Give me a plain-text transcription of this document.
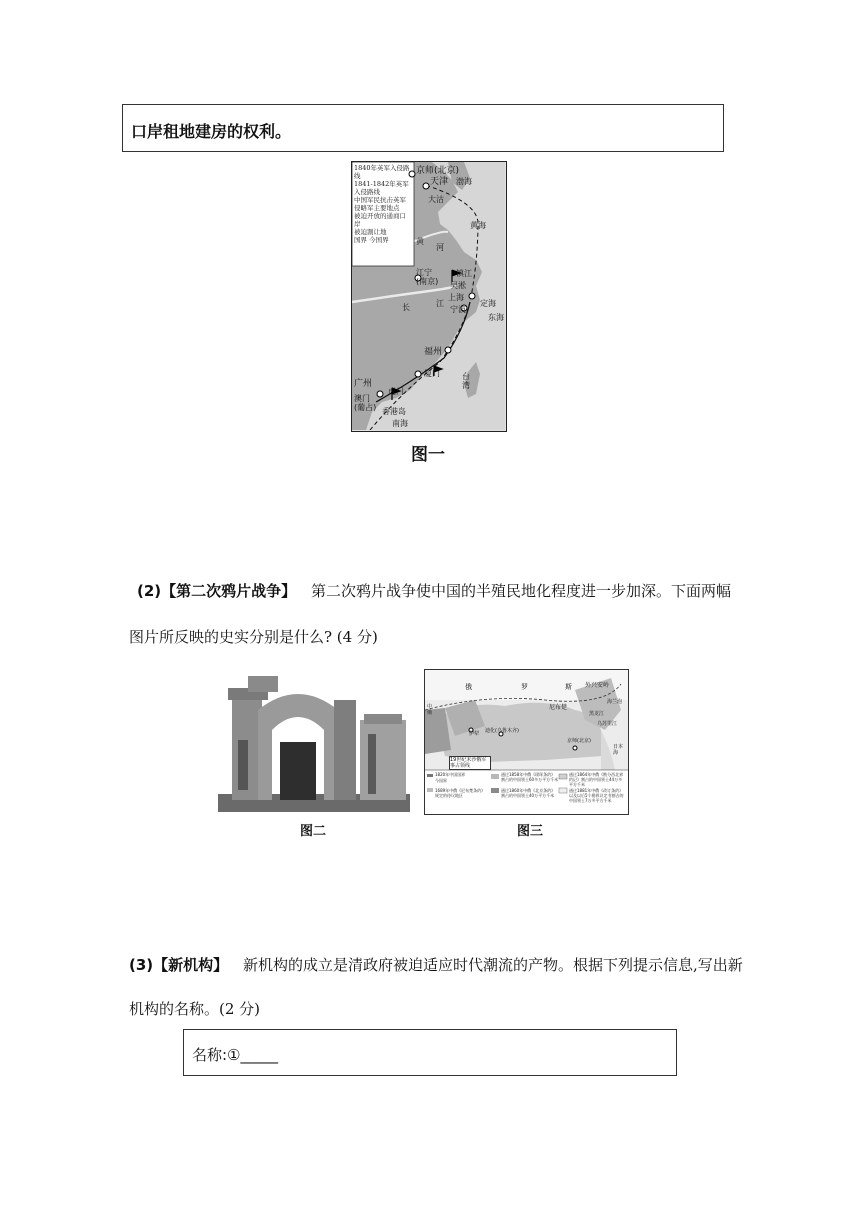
口岸租地建房的权利。
1840年英军入侵路线
1841-1842年英军入侵路线
中国军民抗击英军侵略军主要地点
被迫开放的通商口岸
被迫割让地
国界 今国界
京师(北京)
天津
大沽
渤海
黄海
黄
河
江宁(南京)
镇江
吴淞
上海
定海
宁波
东海
长	江
福州
厦门	台湾
广州
虎门
澳门(葡占) 香港岛
南海
图一
(2)【第二次鸦片战争】 第二次鸦片战争使中国的半殖民地化程度进一步加深。下面两幅
图片所反映的史实分别是什么? (4 分)
图二
俄	罗	斯 外兴安岭
尼布楚
海兰泡
黑龙江
乌苏里江
迪化(乌鲁木齐)
伊犁
中俄
京师(北京)
日本海
19世纪末沙俄军事占领线
1820年中国国界
今国界
1689年中俄《尼布楚条约》规定的待议地区
通过1858年中俄《瑷珲条约》割占的中国领土60多万平方千米
通过1860年中俄《北京条约》割占的中国领土40万平方千米
通过1864年中俄《勘分西北界约记》割占的中国领土44万多平方千米
通过1881年中俄《改订条约》以及以后5个勘界议定书割占的中国领土7万多平方千米
图三
(3)【新机构】 新机构的成立是清政府被迫适应时代潮流的产物。根据下列提示信息,写出新
机构的名称。(2 分)
名称:①_____
